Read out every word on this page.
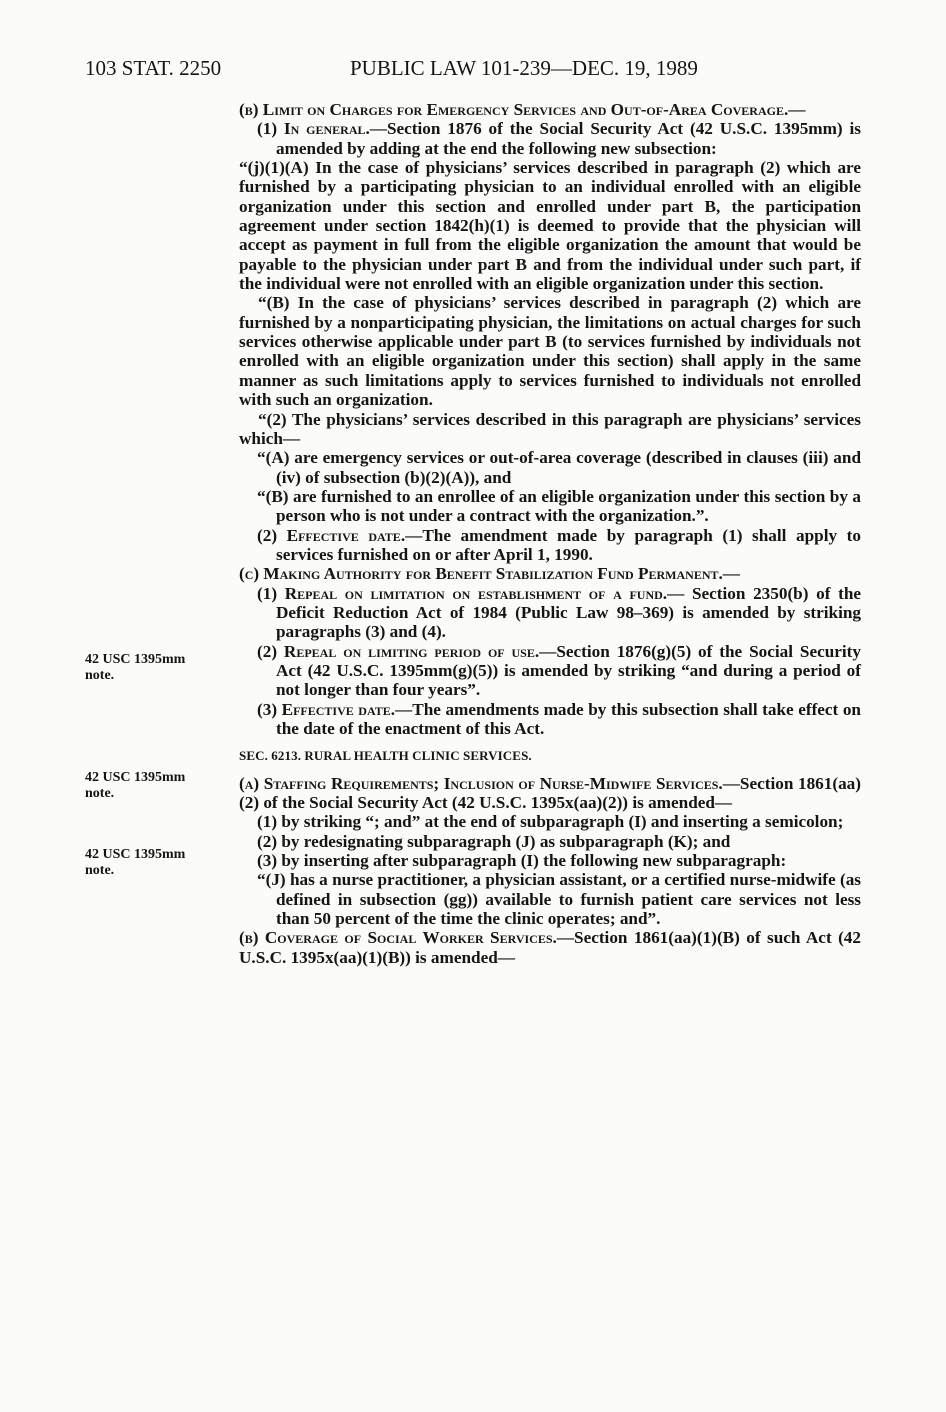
103 STAT. 2250	PUBLIC LAW 101-239—DEC. 19, 1989
42 USC 1395mm
note.
42 USC 1395mm
note.
42 USC 1395mm
note.

(b) Limit on Charges for Emergency Services and Out-of-Area Coverage.—

(1) In general.—Section 1876 of the Social Security Act (42 U.S.C. 1395mm) is amended by adding at the end the following new subsection:

“(j)(1)(A) In the case of physicians’ services described in paragraph (2) which are furnished by a participating physician to an individual enrolled with an eligible organization under this section and enrolled under part B, the participation agreement under section 1842(h)(1) is deemed to provide that the physician will accept as payment in full from the eligible organization the amount that would be payable to the physician under part B and from the individual under such part, if the individual were not enrolled with an eligible organization under this section.

“(B) In the case of physicians’ services described in paragraph (2) which are furnished by a nonparticipating physician, the limitations on actual charges for such services otherwise applicable under part B (to services furnished by individuals not enrolled with an eligible organization under this section) shall apply in the same manner as such limitations apply to services furnished to individuals not enrolled with such an organization.

“(2) The physicians’ services described in this paragraph are physicians’ services which—

“(A) are emergency services or out-of-area coverage (described in clauses (iii) and (iv) of subsection (b)(2)(A)), and

“(B) are furnished to an enrollee of an eligible organization under this section by a person who is not under a contract with the organization.”.

(2) Effective date.—The amendment made by paragraph (1) shall apply to services furnished on or after April 1, 1990.

(c) Making Authority for Benefit Stabilization Fund Permanent.—

(1) Repeal on limitation on establishment of a fund.— Section 2350(b) of the Deficit Reduction Act of 1984 (Public Law 98–369) is amended by striking paragraphs (3) and (4).

(2) Repeal on limiting period of use.—Section 1876(g)(5) of the Social Security Act (42 U.S.C. 1395mm(g)(5)) is amended by striking “and during a period of not longer than four years”.

(3) Effective date.—The amendments made by this subsection shall take effect on the date of the enactment of this Act.

SEC. 6213. RURAL HEALTH CLINIC SERVICES.

(a) Staffing Requirements; Inclusion of Nurse-Midwife Services.—Section 1861(aa)(2) of the Social Security Act (42 U.S.C. 1395x(aa)(2)) is amended—

(1) by striking “; and” at the end of subparagraph (I) and inserting a semicolon;

(2) by redesignating subparagraph (J) as subparagraph (K); and

(3) by inserting after subparagraph (I) the following new subparagraph:

“(J) has a nurse practitioner, a physician assistant, or a certified nurse-midwife (as defined in subsection (gg)) available to furnish patient care services not less than 50 percent of the time the clinic operates; and”.

(b) Coverage of Social Worker Services.—Section 1861(aa)(1)(B) of such Act (42 U.S.C. 1395x(aa)(1)(B)) is amended—
